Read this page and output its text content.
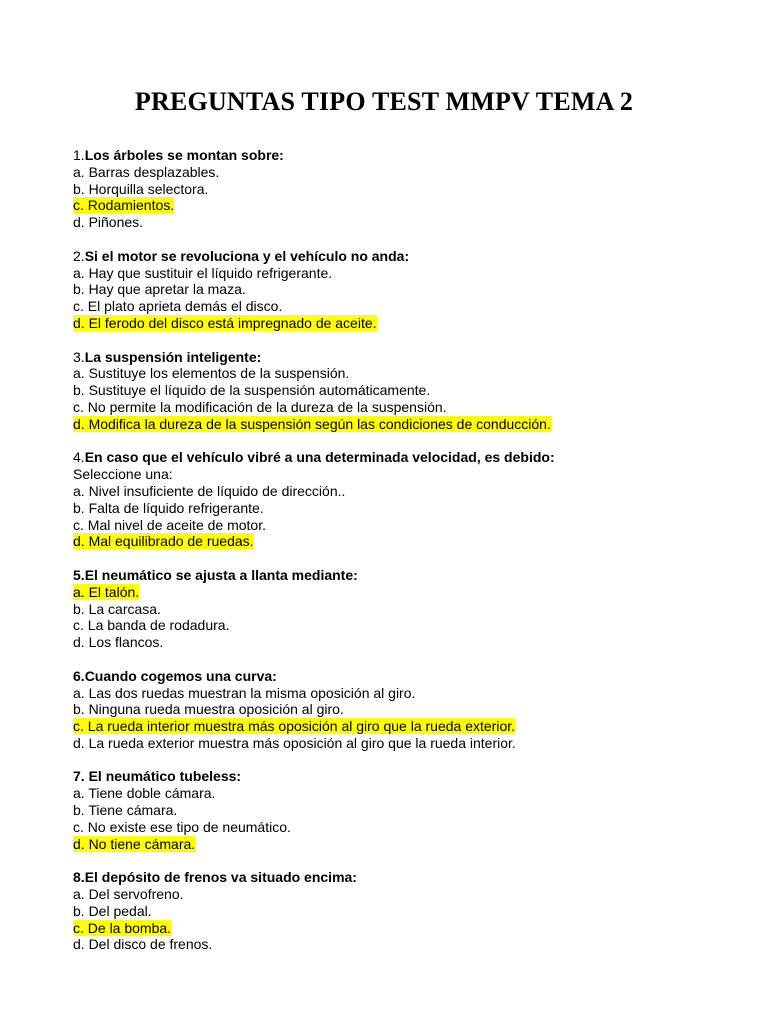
PREGUNTAS TIPO TEST MMPV TEMA 2
1.Los árboles se montan sobre:
a. Barras desplazables.
b. Horquilla selectora.
c. Rodamientos.
d. Piñones.
2.Si el motor se revoluciona y el vehículo no anda:
a. Hay que sustituir el líquido refrigerante.
b. Hay que apretar la maza.
c. El plato aprieta demás el disco.
d. El ferodo del disco está impregnado de aceite.
3.La suspensión inteligente:
a. Sustituye los elementos de la suspensión.
b. Sustituye el líquido de la suspensión automáticamente.
c. No permite la modificación de la dureza de la suspensión.
d. Modifica la dureza de la suspensión según las condiciones de conducción.
4.En caso que el vehículo vibré a una determinada velocidad, es debido:
Seleccione una:
a. Nivel insuficiente de líquido de dirección..
b. Falta de líquido refrigerante.
c. Mal nivel de aceite de motor.
d. Mal equilibrado de ruedas.
5.El neumático se ajusta a llanta mediante:
a. El talón.
b. La carcasa.
c. La banda de rodadura.
d. Los flancos.
6.Cuando cogemos una curva:
a. Las dos ruedas muestran la misma oposición al giro.
b. Ninguna rueda muestra oposición al giro.
c. La rueda interior muestra más oposición al giro que la rueda exterior.
d. La rueda exterior muestra más oposición al giro que la rueda interior.
7. El neumático tubeless:
a. Tiene doble cámara.
b. Tiene cámara.
c. No existe ese tipo de neumático.
d. No tiene cámara.
8.El depósito de frenos va situado encima:
a. Del servofreno.
b. Del pedal.
c. De la bomba.
d. Del disco de frenos.
